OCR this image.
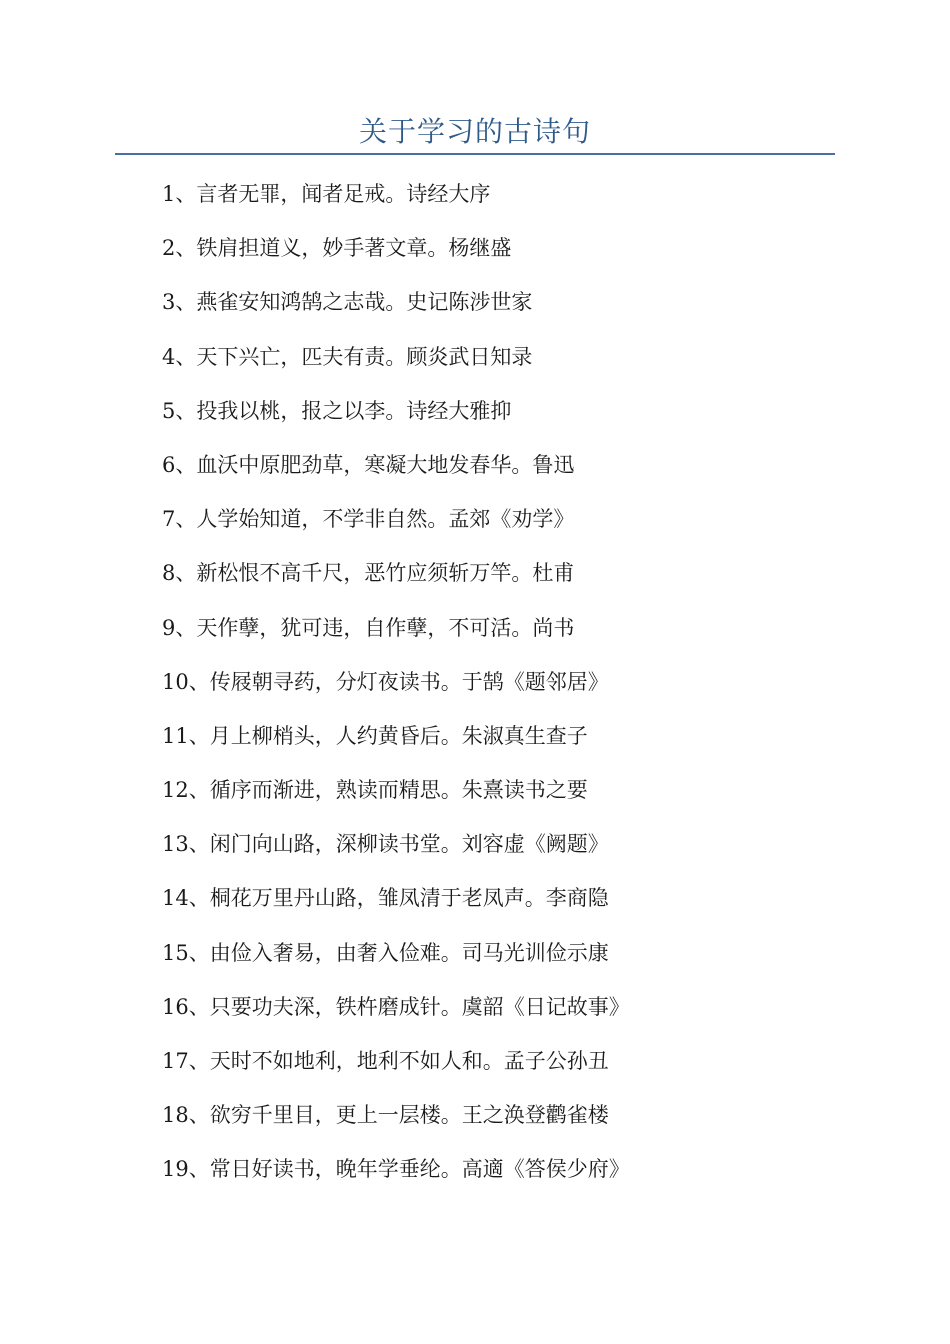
关于学习的古诗句
1、言者无罪，闻者足戒。诗经大序
2、铁肩担道义，妙手著文章。杨继盛
3、燕雀安知鸿鹄之志哉。史记陈涉世家
4、天下兴亡，匹夫有责。顾炎武日知录
5、投我以桃，报之以李。诗经大雅抑
6、血沃中原肥劲草，寒凝大地发春华。鲁迅
7、人学始知道，不学非自然。孟郊《劝学》
8、新松恨不高千尺，恶竹应须斩万竿。杜甫
9、天作孽，犹可违，自作孽，不可活。尚书
10、传屐朝寻药，分灯夜读书。于鹄《题邻居》
11、月上柳梢头，人约黄昏后。朱淑真生查子
12、循序而渐进，熟读而精思。朱熹读书之要
13、闲门向山路，深柳读书堂。刘容虚《阙题》
14、桐花万里丹山路，雏凤清于老凤声。李商隐
15、由俭入奢易，由奢入俭难。司马光训俭示康
16、只要功夫深，铁杵磨成针。虞韶《日记故事》
17、天时不如地利，地利不如人和。孟子公孙丑
18、欲穷千里目，更上一层楼。王之涣登鹳雀楼
19、常日好读书，晚年学垂纶。高適《答侯少府》
